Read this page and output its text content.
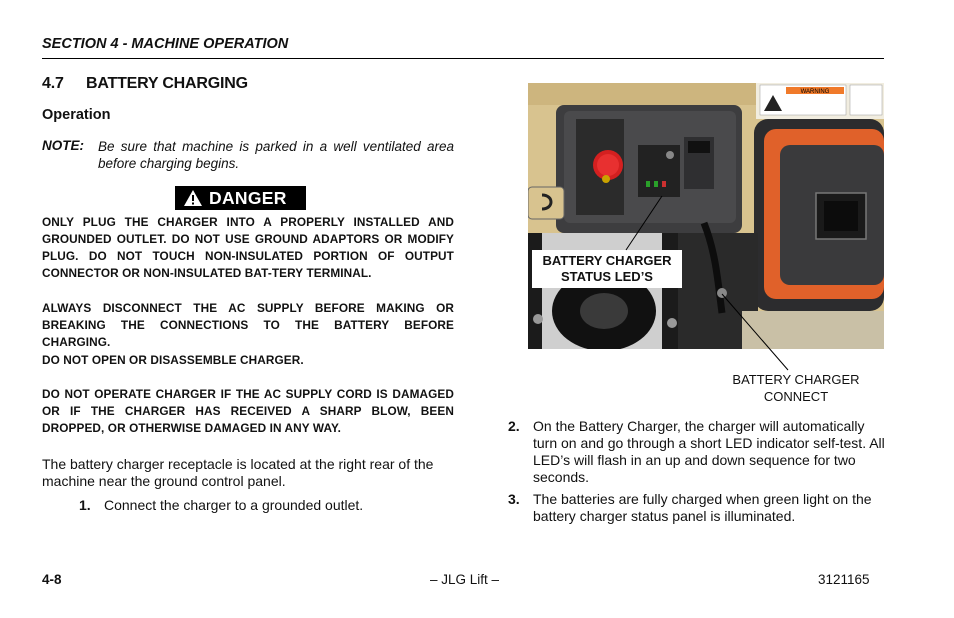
SECTION 4 - MACHINE OPERATION
4.7 BATTERY CHARGING
Operation
NOTE: Be sure that machine is parked in a well ventilated area before charging begins.
DANGER
ONLY PLUG THE CHARGER INTO A PROPERLY INSTALLED AND GROUNDED OUTLET. DO NOT USE GROUND ADAPTORS OR MODIFY PLUG. DO NOT TOUCH NON-INSULATED PORTION OF OUTPUT CONNECTOR OR NON-INSULATED BAT-TERY TERMINAL.
ALWAYS DISCONNECT THE AC SUPPLY BEFORE MAKING OR BREAKING THE CONNECTIONS TO THE BATTERY BEFORE CHARGING.
DO NOT OPEN OR DISASSEMBLE CHARGER.
DO NOT OPERATE CHARGER IF THE AC SUPPLY CORD IS DAMAGED OR IF THE CHARGER HAS RECEIVED A SHARP BLOW, BEEN DROPPED, OR OTHERWISE DAMAGED IN ANY WAY.
The battery charger receptacle is located at the right rear of the machine near the ground control panel.
1. Connect the charger to a grounded outlet.
WARNING
BATTERY CHARGER STATUS LED’S
BATTERY CHARGER CONNECT
2. On the Battery Charger, the charger will automatically turn on and go through a short LED indicator self-test. All LED’s will flash in an up and down sequence for two seconds.
3. The batteries are fully charged when green light on the battery charger status panel is illuminated.
4-8	– JLG Lift –	3121165
